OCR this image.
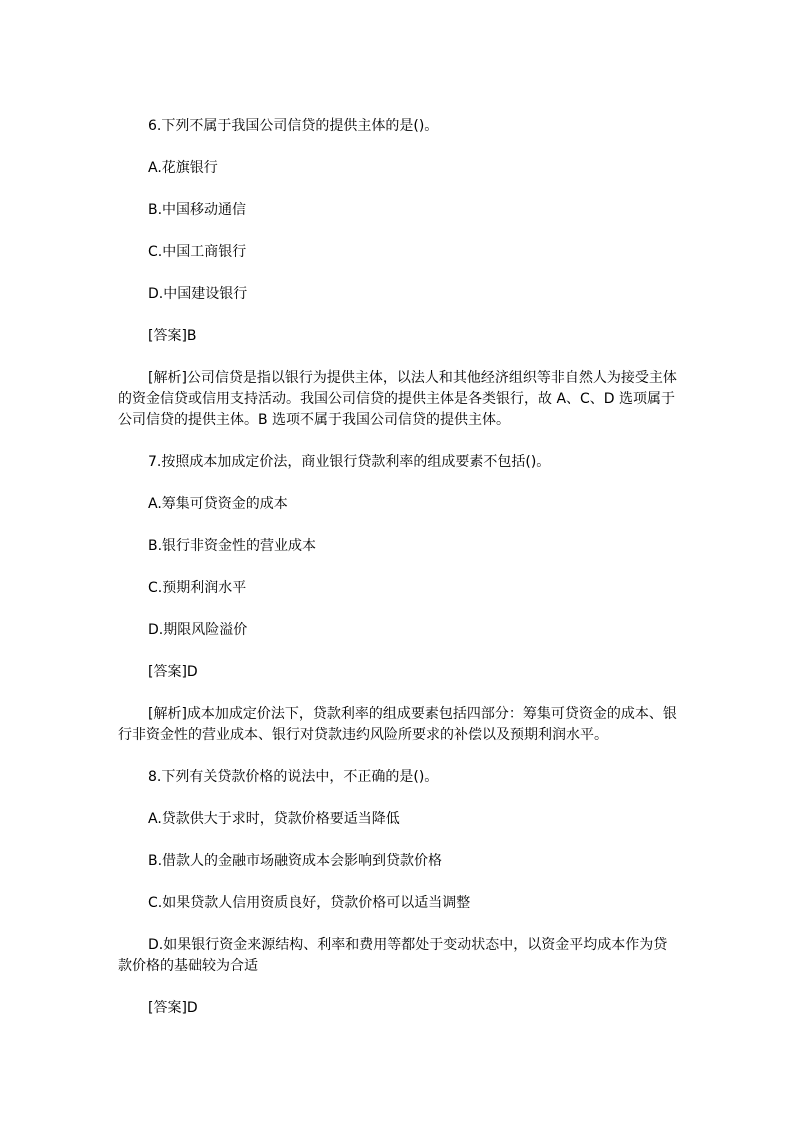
6.下列不属于我国公司信贷的提供主体的是()。

A.花旗银行

B.中国移动通信

C.中国工商银行

D.中国建设银行

[答案]B

[解析]公司信贷是指以银行为提供主体，以法人和其他经济组织等非自然人为接受主体的资金信贷或信用支持活动。我国公司信贷的提供主体是各类银行，故 A、C、D 选项属于公司信贷的提供主体。B 选项不属于我国公司信贷的提供主体。

7.按照成本加成定价法，商业银行贷款利率的组成要素不包括()。

A.筹集可贷资金的成本

B.银行非资金性的营业成本

C.预期利润水平

D.期限风险溢价

[答案]D

[解析]成本加成定价法下，贷款利率的组成要素包括四部分：筹集可贷资金的成本、银行非资金性的营业成本、银行对贷款违约风险所要求的补偿以及预期利润水平。

8.下列有关贷款价格的说法中，不正确的是()。

A.贷款供大于求时，贷款价格要适当降低

B.借款人的金融市场融资成本会影响到贷款价格

C.如果贷款人信用资质良好，贷款价格可以适当调整

D.如果银行资金来源结构、利率和费用等都处于变动状态中，以资金平均成本作为贷款价格的基础较为合适

[答案]D
